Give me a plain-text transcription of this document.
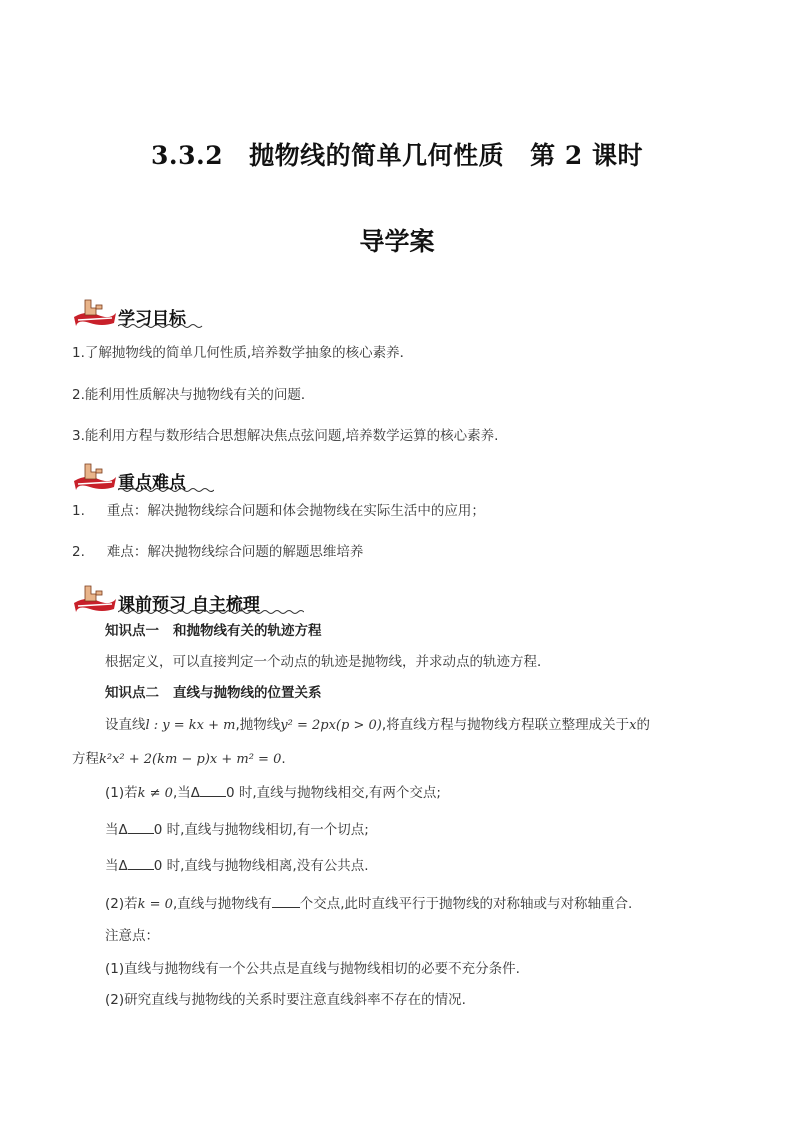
3.3.2 抛物线的简单几何性质 第 2 课时
导学案
学习目标
1.了解抛物线的简单几何性质,培养数学抽象的核心素养．
2.能利用性质解决与抛物线有关的问题．
3.能利用方程与数形结合思想解决焦点弦问题,培养数学运算的核心素养.
重点难点
1. 重点：解决抛物线综合问题和体会抛物线在实际生活中的应用；
2. 难点：解决抛物线综合问题的解题思维培养
课前预习 自主梳理
知识点一 和抛物线有关的轨迹方程
根据定义，可以直接判定一个动点的轨迹是抛物线，并求动点的轨迹方程．
知识点二 直线与抛物线的位置关系
设直线l : y = kx + m,抛物线y² = 2px(p > 0),将直线方程与抛物线方程联立整理成关于x的
方程k²x² + 2(km − p)x + m² = 0.
(1)若k ≠ 0,当Δ 0 时,直线与抛物线相交,有两个交点;
当Δ 0 时,直线与抛物线相切,有一个切点;
当Δ 0 时,直线与抛物线相离,没有公共点.
(2)若k = 0,直线与抛物线有 个交点,此时直线平行于抛物线的对称轴或与对称轴重合.
注意点：
(1)直线与抛物线有一个公共点是直线与抛物线相切的必要不充分条件.
(2)研究直线与抛物线的关系时要注意直线斜率不存在的情况.
